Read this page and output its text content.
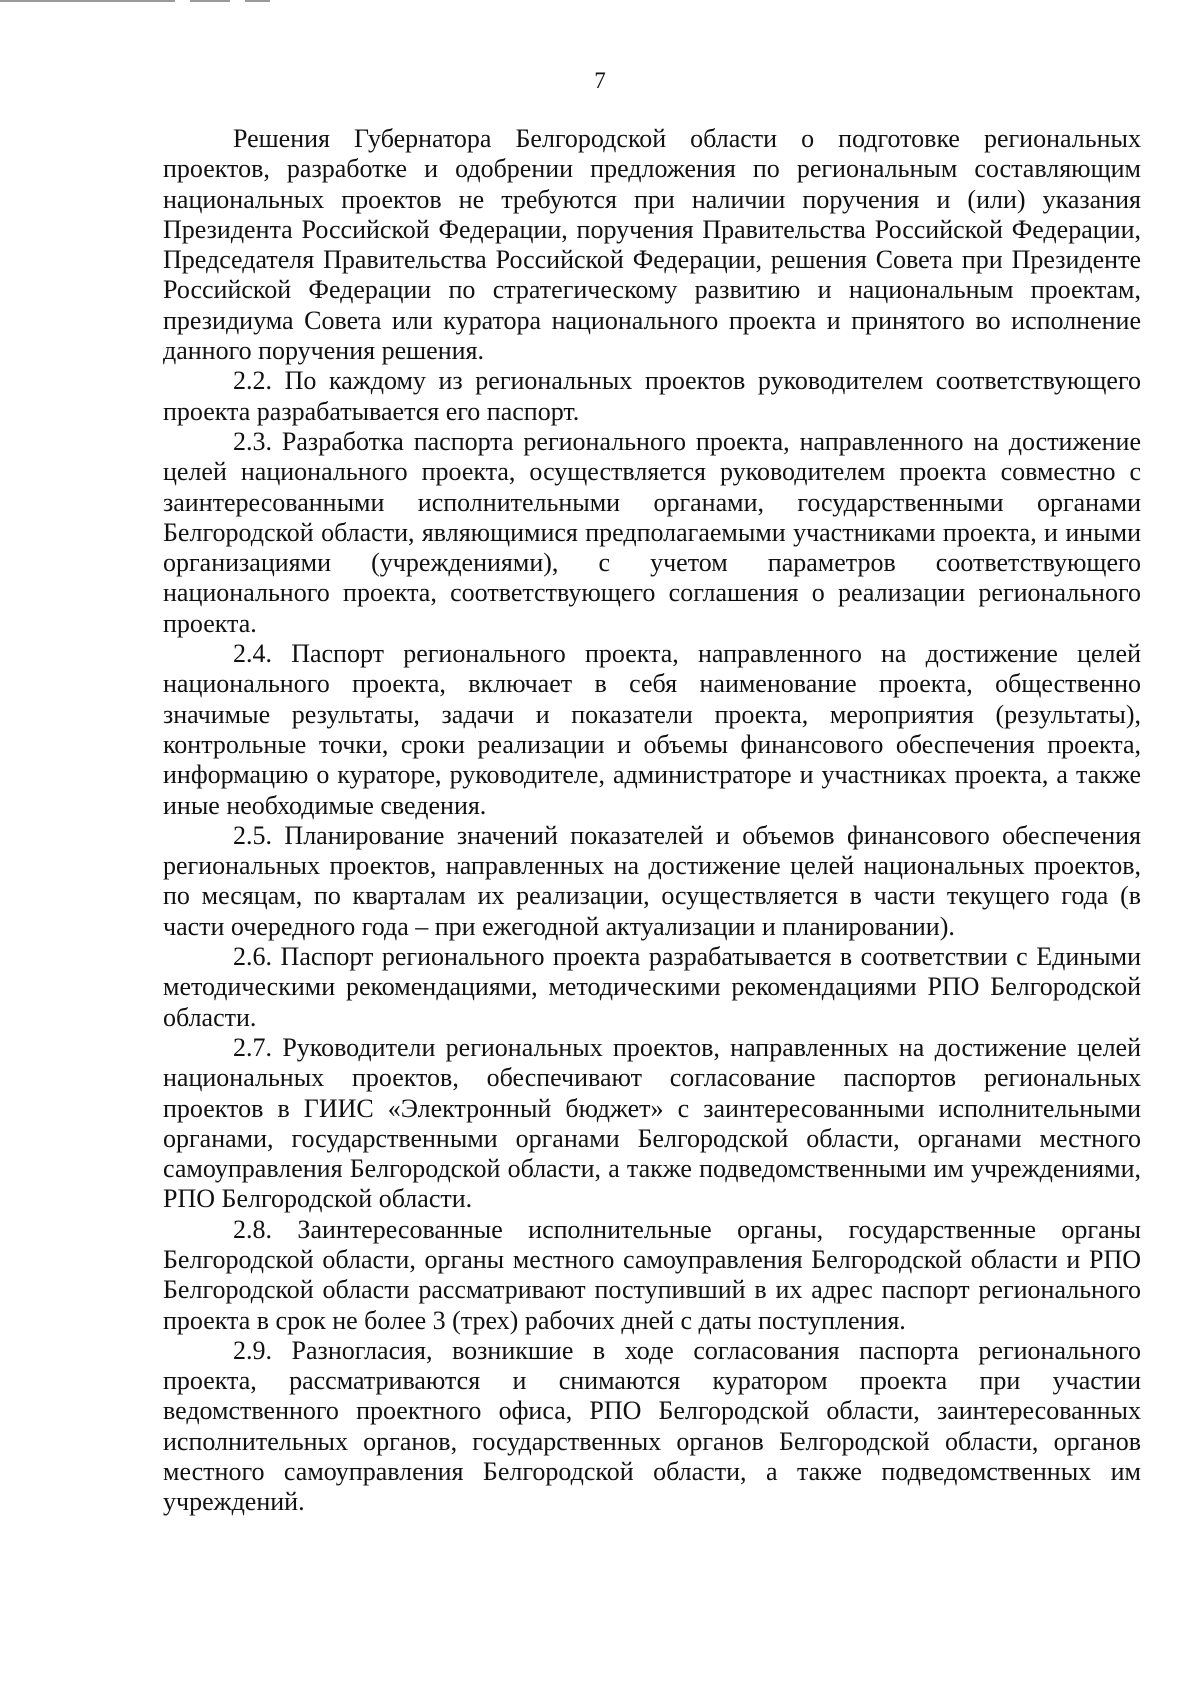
7

Решения Губернатора Белгородской области о подготовке региональных проектов, разработке и одобрении предложения по региональным составляющим национальных проектов не требуются при наличии поручения и (или) указания Президента Российской Федерации, поручения Правительства Российской Федерации, Председателя Правительства Российской Федерации, решения Совета при Президенте Российской Федерации по стратегическому развитию и национальным проектам, президиума Совета или куратора национального проекта и принятого во исполнение данного поручения решения.

2.2. По каждому из региональных проектов руководителем соответствующего проекта разрабатывается его паспорт.

2.3. Разработка паспорта регионального проекта, направленного на достижение целей национального проекта, осуществляется руководителем проекта совместно с заинтересованными исполнительными органами, государственными органами Белгородской области, являющимися предполагаемыми участниками проекта, и иными организациями (учреждениями), с учетом параметров соответствующего национального проекта, соответствующего соглашения о реализации регионального проекта.

2.4. Паспорт регионального проекта, направленного на достижение целей национального проекта, включает в себя наименование проекта, общественно значимые результаты, задачи и показатели проекта, мероприятия (результаты), контрольные точки, сроки реализации и объемы финансового обеспечения проекта, информацию о кураторе, руководителе, администраторе и участниках проекта, а также иные необходимые сведения.

2.5. Планирование значений показателей и объемов финансового обеспечения региональных проектов, направленных на достижение целей национальных проектов, по месяцам, по кварталам их реализации, осуществляется в части текущего года (в части очередного года – при ежегодной актуализации и планировании).

2.6. Паспорт регионального проекта разрабатывается в соответствии с Едиными методическими рекомендациями, методическими рекомендациями РПО Белгородской области.

2.7. Руководители региональных проектов, направленных на достижение целей национальных проектов, обеспечивают согласование паспортов региональных проектов в ГИИС «Электронный бюджет» с заинтересованными исполнительными органами, государственными органами Белгородской области, органами местного самоуправления Белгородской области, а также подведомственными им учреждениями, РПО Белгородской области.

2.8. Заинтересованные исполнительные органы, государственные органы Белгородской области, органы местного самоуправления Белгородской области и РПО Белгородской области рассматривают поступивший в их адрес паспорт регионального проекта в срок не более 3 (трех) рабочих дней с даты поступления.

2.9. Разногласия, возникшие в ходе согласования паспорта регионального проекта, рассматриваются и снимаются куратором проекта при участии ведомственного проектного офиса, РПО Белгородской области, заинтересованных исполнительных органов, государственных органов Белгородской области, органов местного самоуправления Белгородской области, а также подведомственных им учреждений.
